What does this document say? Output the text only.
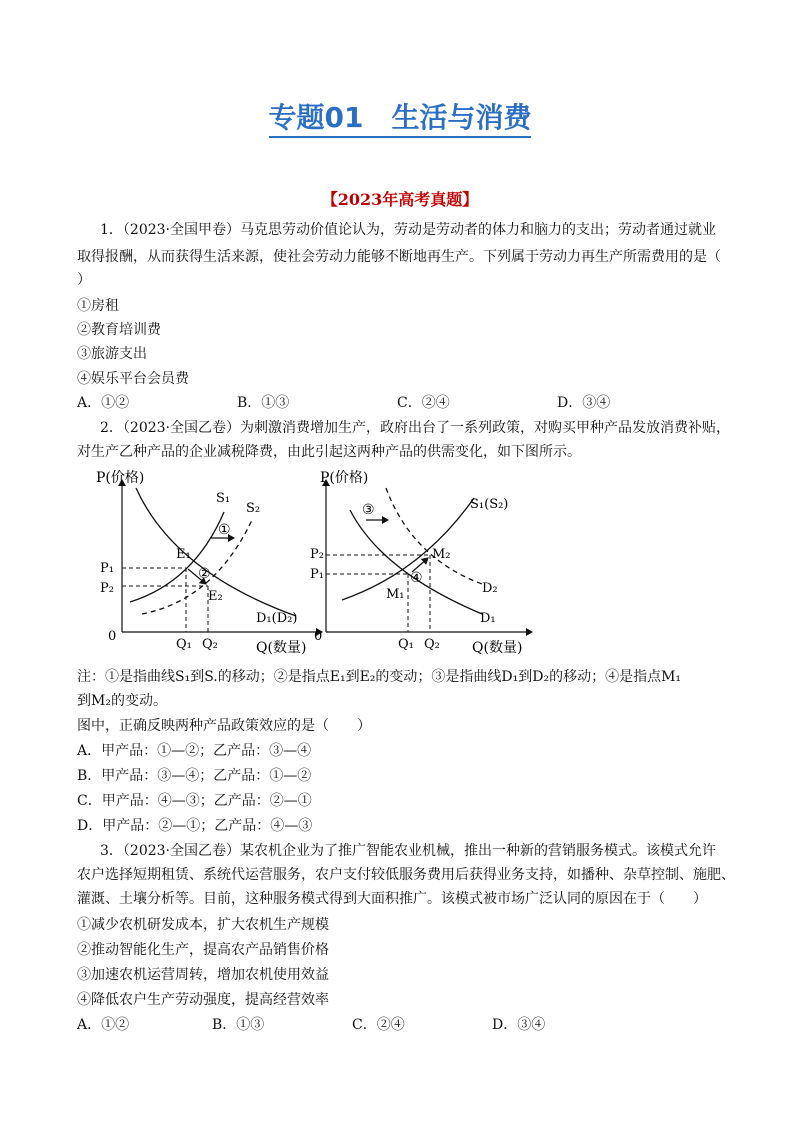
专题01　生活与消费
【2023年高考真题】
1．（2023·全国甲卷）马克思劳动价值论认为，劳动是劳动者的体力和脑力的支出；劳动者通过就业
取得报酬，从而获得生活来源，使社会劳动力能够不断地再生产。下列属于劳动力再生产所需费用的是（
）
①房租
②教育培训费
③旅游支出
④娱乐平台会员费
A．①②	B．①③	C．②④	D．③④
2．（2023·全国乙卷）为刺激消费增加生产，政府出台了一系列政策，对购买甲种产品发放消费补贴，
对生产乙种产品的企业减税降费，由此引起这两种产品的供需变化，如下图所示。
P(价格)
Q(数量)
0
S₁
S₂
D₁(D₂)
E₁
E₂
P₁
P₂
Q₁ Q₂
①
②
P(价格)
Q(数量)
0
S₁(S₂)
D₂
D₁
M₁
M₂
P₂
P₁
Q₁ Q₂
③
④
注：①是指曲线S₁到S.的移动；②是指点E₁到E₂的变动；③是指曲线D₁到D₂的移动；④是指点M₁
到M₂的变动。
图中，正确反映两种产品政策效应的是（　　）
A．甲产品：①—②；乙产品：③—④
B．甲产品：③—④；乙产品：①—②
C．甲产品：④—③；乙产品：②—①
D．甲产品：②—①；乙产品：④—③
3．（2023·全国乙卷）某农机企业为了推广智能农业机械，推出一种新的营销服务模式。该模式允许
农户选择短期租赁、系统代运营服务，农户支付较低服务费用后获得业务支持，如播种、杂草控制、施肥、
灌溉、土壤分析等。目前，这种服务模式得到大面积推广。该模式被市场广泛认同的原因在于（　　）
①减少农机研发成本，扩大农机生产规模
②推动智能化生产，提高农产品销售价格
③加速农机运营周转，增加农机使用效益
④降低农户生产劳动强度，提高经营效率
A．①②	B．①③	C．②④	D．③④
